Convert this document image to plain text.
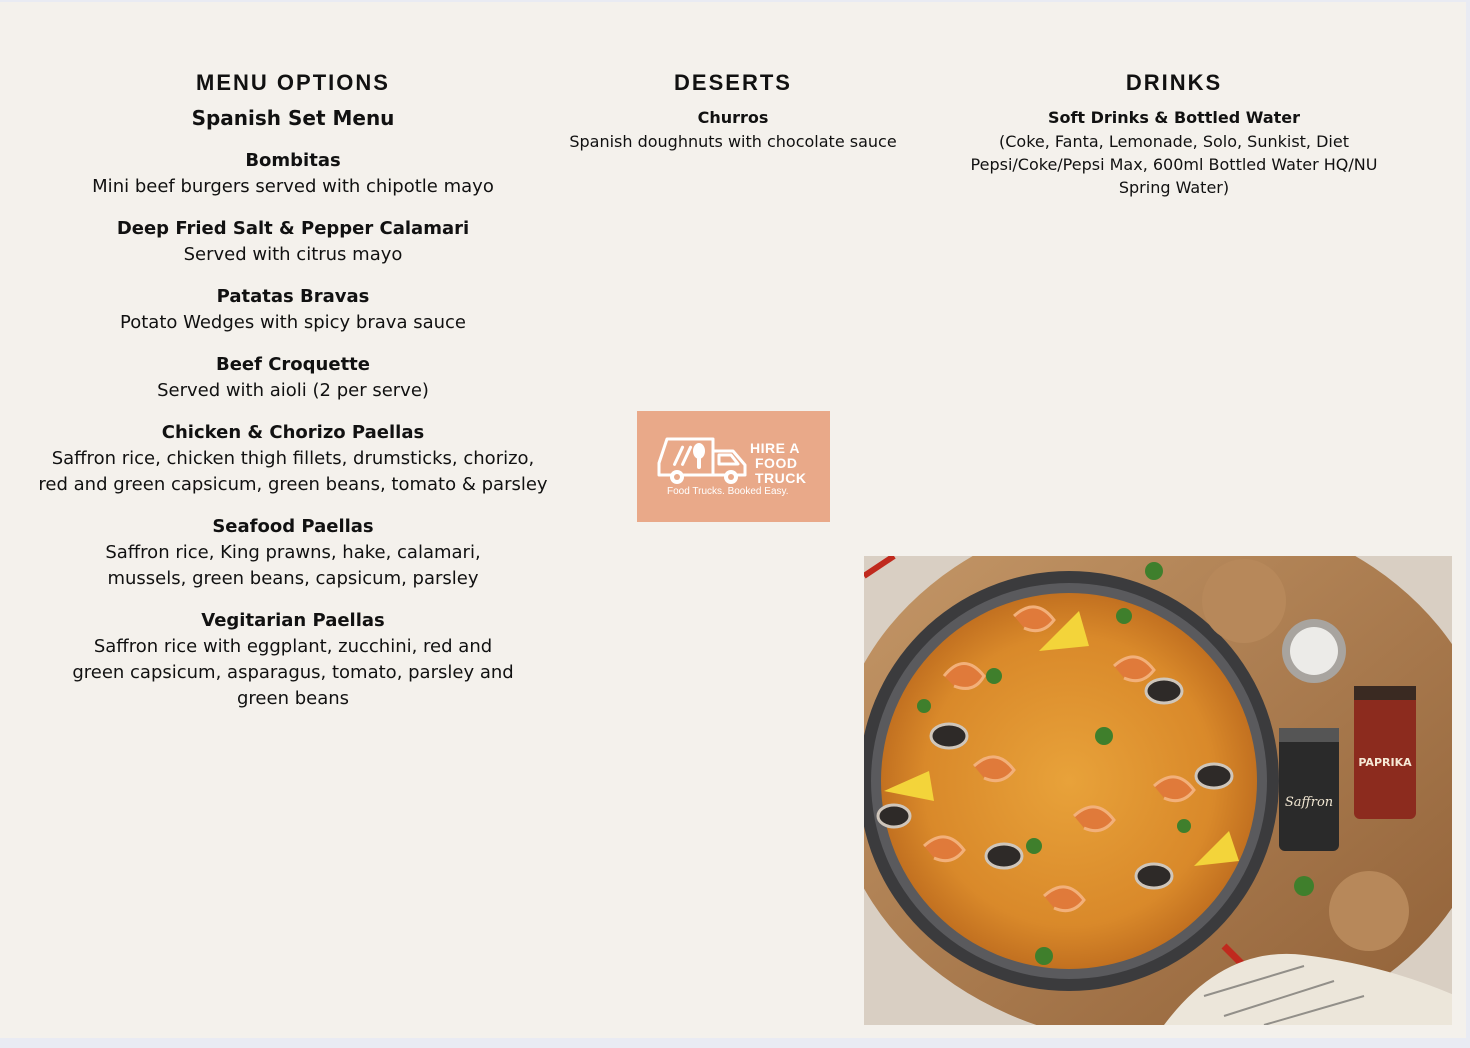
MENU OPTIONS
Spanish Set Menu
Bombitas
Mini beef burgers served with chipotle mayo
Deep Fried Salt & Pepper Calamari
Served with citrus mayo
Patatas Bravas
Potato Wedges with spicy brava sauce
Beef Croquette
Served with aioli (2 per serve)
Chicken & Chorizo Paellas
Saffron rice, chicken thigh fillets, drumsticks, chorizo, red and green capsicum, green beans, tomato & parsley
Seafood Paellas
Saffron rice, King prawns, hake, calamari, mussels, green beans, capsicum, parsley
Vegitarian Paellas
Saffron rice with eggplant, zucchini, red and green capsicum, asparagus, tomato, parsley and green beans
DESERTS
Churros
Spanish doughnuts with chocolate sauce
DRINKS
Soft Drinks & Bottled Water
(Coke, Fanta, Lemonade, Solo, Sunkist, Diet Pepsi/Coke/Pepsi Max, 600ml Bottled Water HQ/NU Spring Water)
HIRE A
FOOD
TRUCK
Food Trucks. Booked Easy.
Saffron
PAPRIKA
